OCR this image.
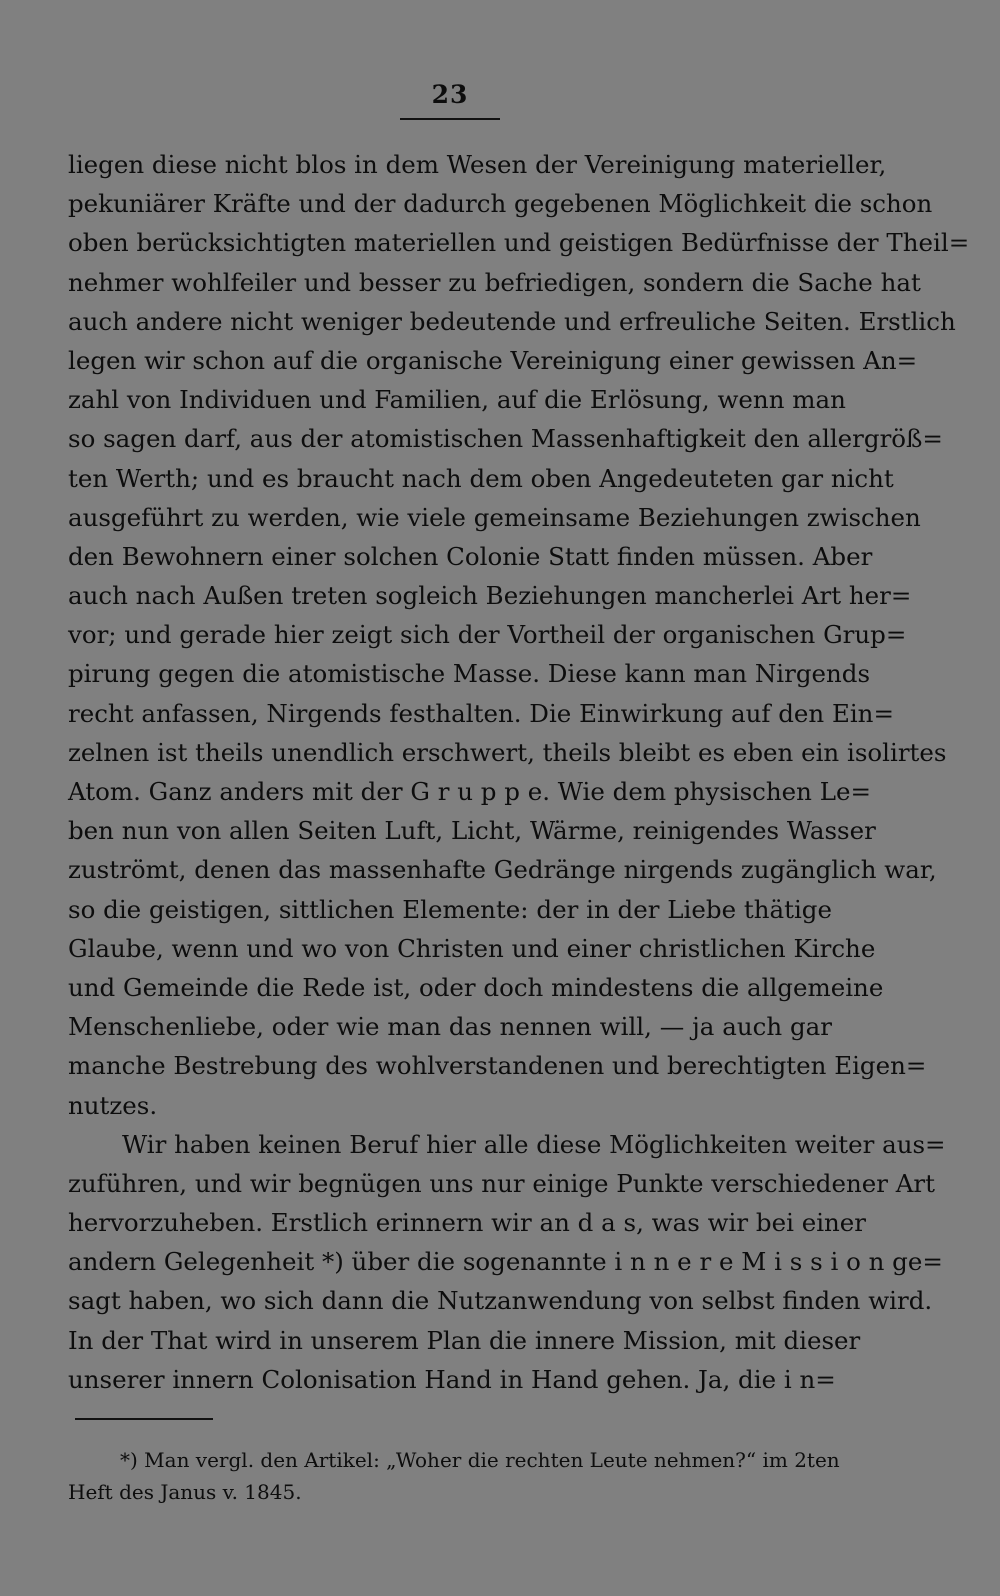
23
liegen diese nicht blos in dem Wesen der Vereinigung materieller,
pekuniärer Kräfte und der dadurch gegebenen Möglichkeit die schon
oben berücksichtigten materiellen und geistigen Bedürfnisse der Theil=
nehmer wohlfeiler und besser zu befriedigen, sondern die Sache hat
auch andere nicht weniger bedeutende und erfreuliche Seiten. Erstlich
legen wir schon auf die organische Vereinigung einer gewissen An=
zahl von Individuen und Familien, auf die Erlösung, wenn man
so sagen darf, aus der atomistischen Massenhaftigkeit den allergröß=
ten Werth; und es braucht nach dem oben Angedeuteten gar nicht
ausgeführt zu werden, wie viele gemeinsame Beziehungen zwischen
den Bewohnern einer solchen Colonie Statt finden müssen. Aber
auch nach Außen treten sogleich Beziehungen mancherlei Art her=
vor; und gerade hier zeigt sich der Vortheil der organischen Grup=
pirung gegen die atomistische Masse. Diese kann man Nirgends
recht anfassen, Nirgends festhalten. Die Einwirkung auf den Ein=
zelnen ist theils unendlich erschwert, theils bleibt es eben ein isolirtes
Atom. Ganz anders mit der G r u p p e. Wie dem physischen Le=
ben nun von allen Seiten Luft, Licht, Wärme, reinigendes Wasser
zuströmt, denen das massenhafte Gedränge nirgends zugänglich war,
so die geistigen, sittlichen Elemente: der in der Liebe thätige
Glaube, wenn und wo von Christen und einer christlichen Kirche
und Gemeinde die Rede ist, oder doch mindestens die allgemeine
Menschenliebe, oder wie man das nennen will, — ja auch gar
manche Bestrebung des wohlverstandenen und berechtigten Eigen=
nutzes.
Wir haben keinen Beruf hier alle diese Möglichkeiten weiter aus=
zuführen, und wir begnügen uns nur einige Punkte verschiedener Art
hervorzuheben. Erstlich erinnern wir an d a s, was wir bei einer
andern Gelegenheit *) über die sogenannte i n n e r e M i s s i o n ge=
sagt haben, wo sich dann die Nutzanwendung von selbst finden wird.
In der That wird in unserem Plan die innere Mission, mit dieser
unserer innern Colonisation Hand in Hand gehen. Ja, die i n=
*) Man vergl. den Artikel: „Woher die rechten Leute nehmen?“ im 2ten
Heft des Janus v. 1845.
